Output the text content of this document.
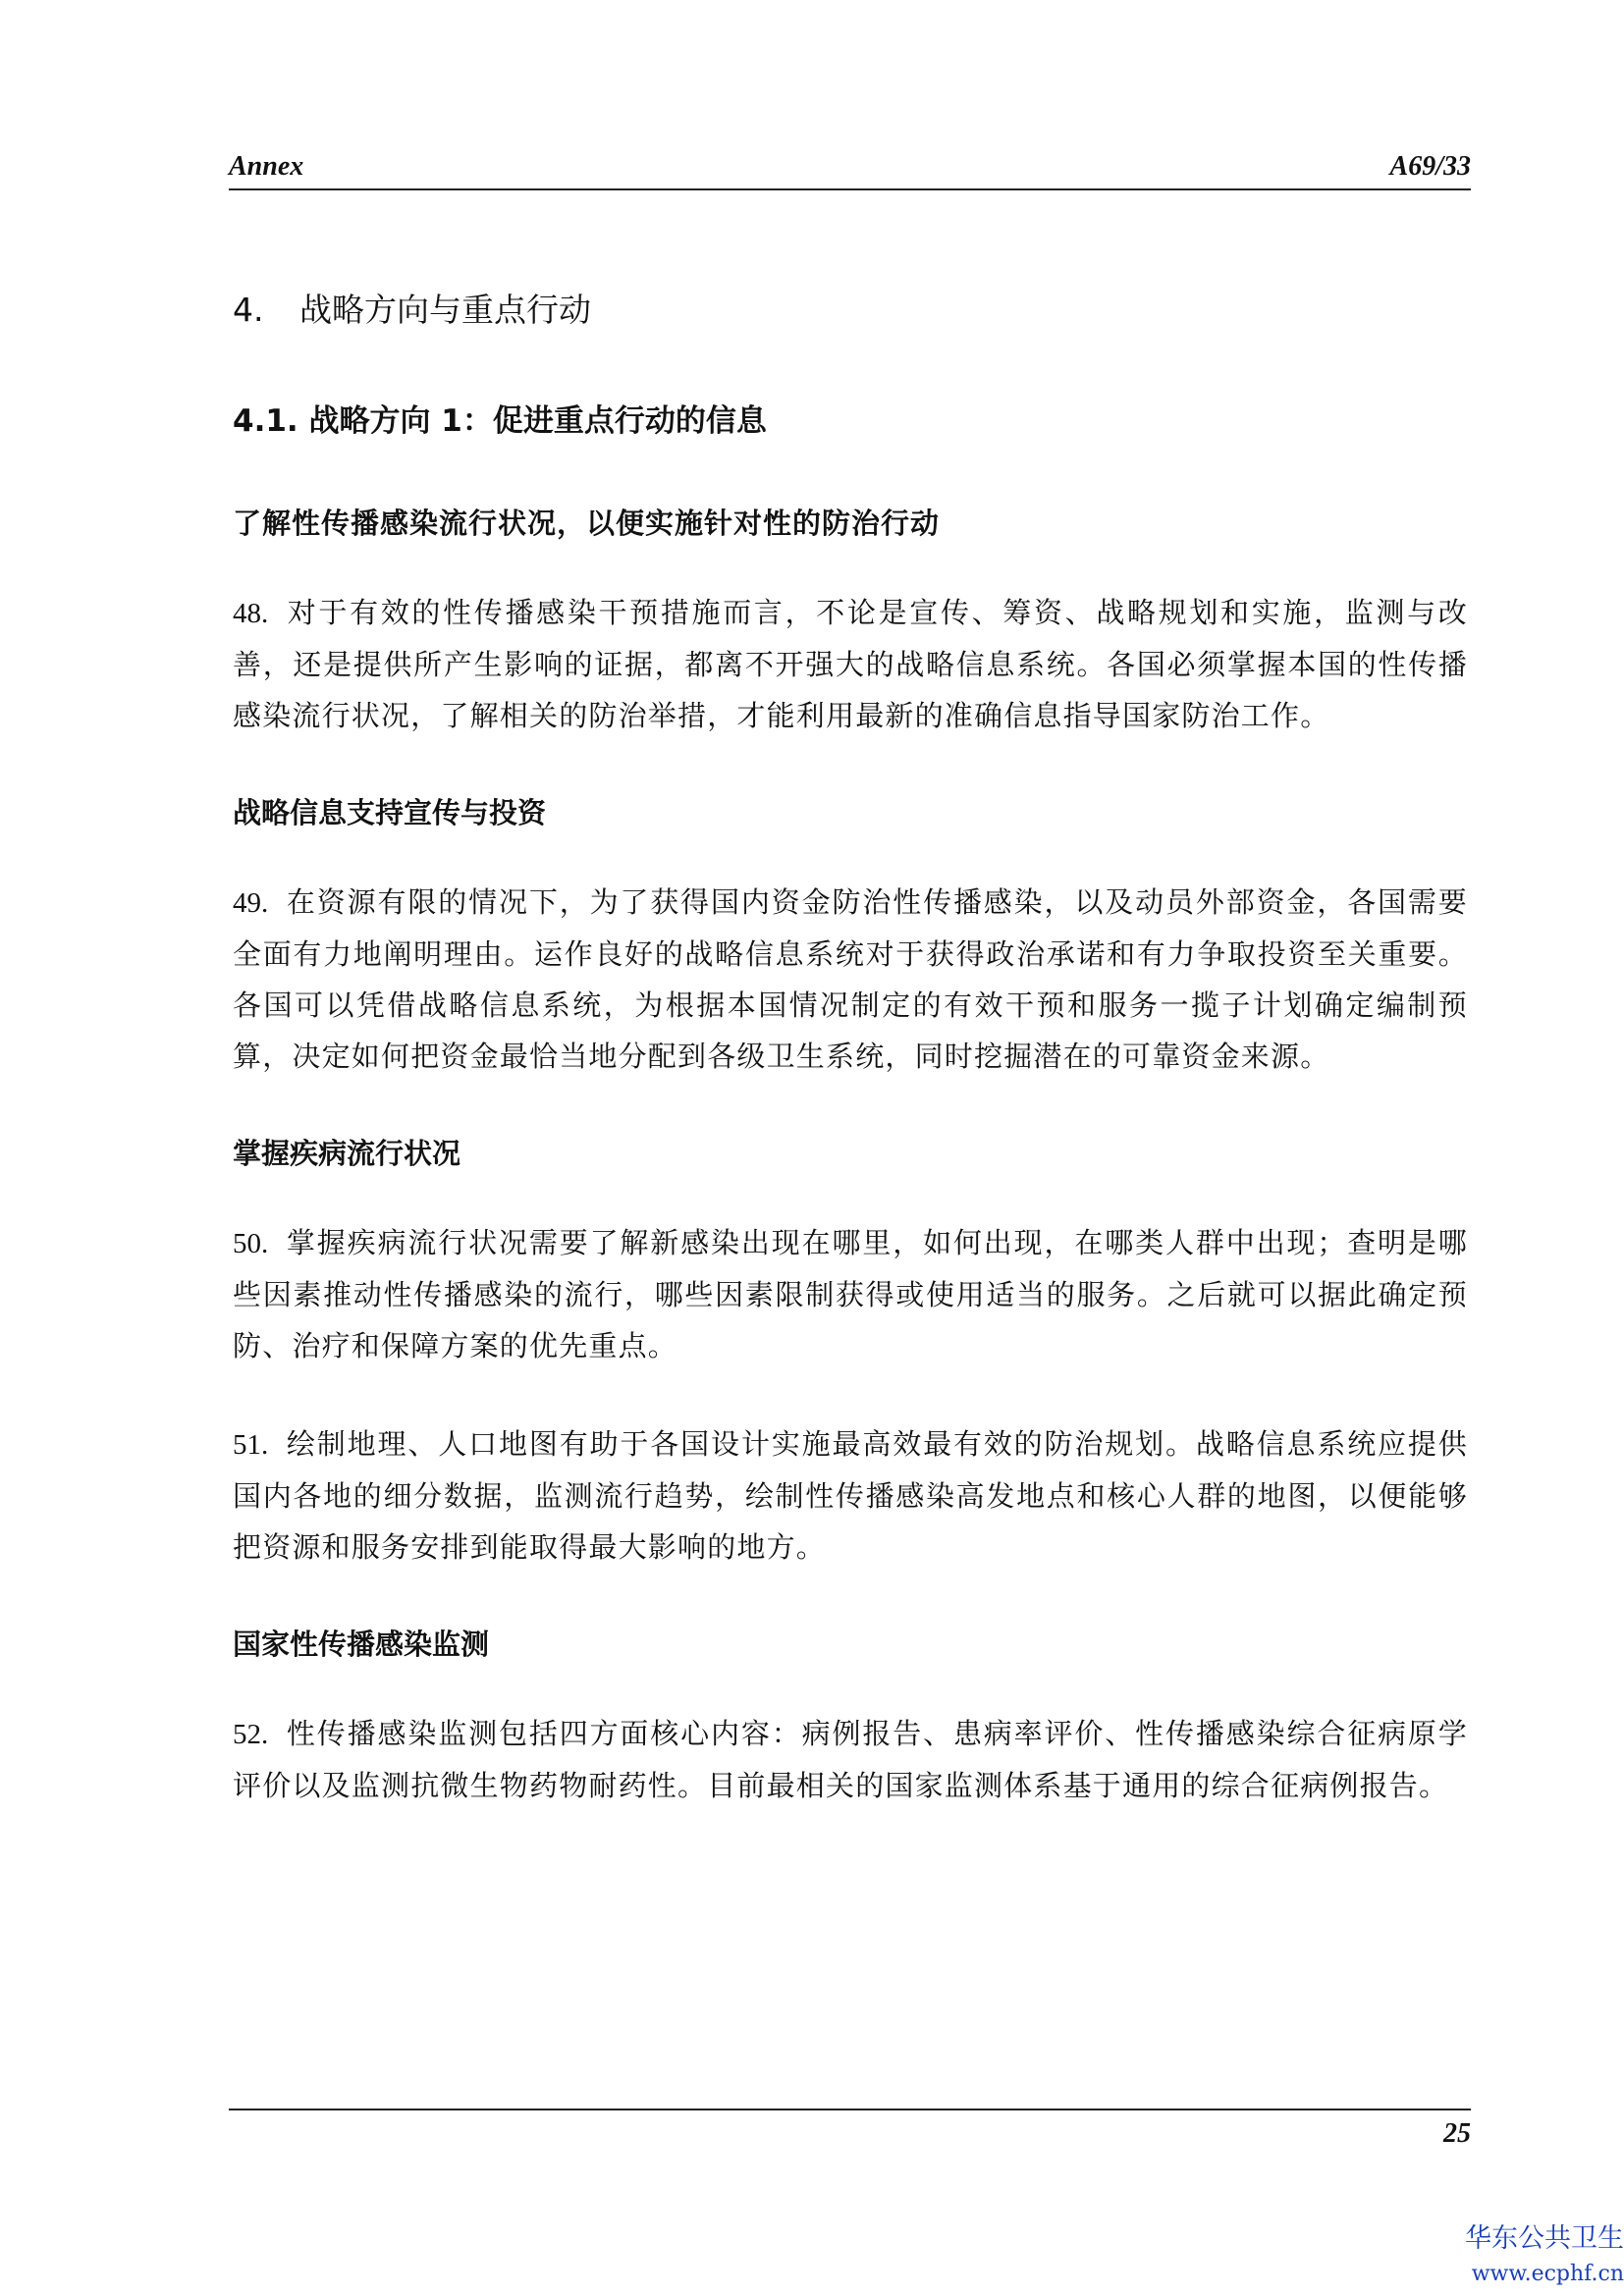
Annex	A69/33
4. 战略方向与重点行动
4.1. 战略方向 1：促进重点行动的信息
了解性传播感染流行状况，以便实施针对性的防治行动

48. 对于有效的性传播感染干预措施而言，不论是宣传、筹资、战略规划和实施，监测与改善，还是提供所产生影响的证据，都离不开强大的战略信息系统。各国必须掌握本国的性传播感染流行状况，了解相关的防治举措，才能利用最新的准确信息指导国家防治工作。

战略信息支持宣传与投资

49. 在资源有限的情况下，为了获得国内资金防治性传播感染，以及动员外部资金，各国需要全面有力地阐明理由。运作良好的战略信息系统对于获得政治承诺和有力争取投资至关重要。各国可以凭借战略信息系统，为根据本国情况制定的有效干预和服务一揽子计划确定编制预算，决定如何把资金最恰当地分配到各级卫生系统，同时挖掘潜在的可靠资金来源。

掌握疾病流行状况

50. 掌握疾病流行状况需要了解新感染出现在哪里，如何出现，在哪类人群中出现；查明是哪些因素推动性传播感染的流行，哪些因素限制获得或使用适当的服务。之后就可以据此确定预防、治疗和保障方案的优先重点。

51. 绘制地理、人口地图有助于各国设计实施最高效最有效的防治规划。战略信息系统应提供国内各地的细分数据，监测流行趋势，绘制性传播感染高发地点和核心人群的地图，以便能够把资源和服务安排到能取得最大影响的地方。

国家性传播感染监测

52. 性传播感染监测包括四方面核心内容：病例报告、患病率评价、性传播感染综合征病原学评价以及监测抗微生物药物耐药性。目前最相关的国家监测体系基于通用的综合征病例报告。

25
华东公共卫生
www.ecphf.cn
